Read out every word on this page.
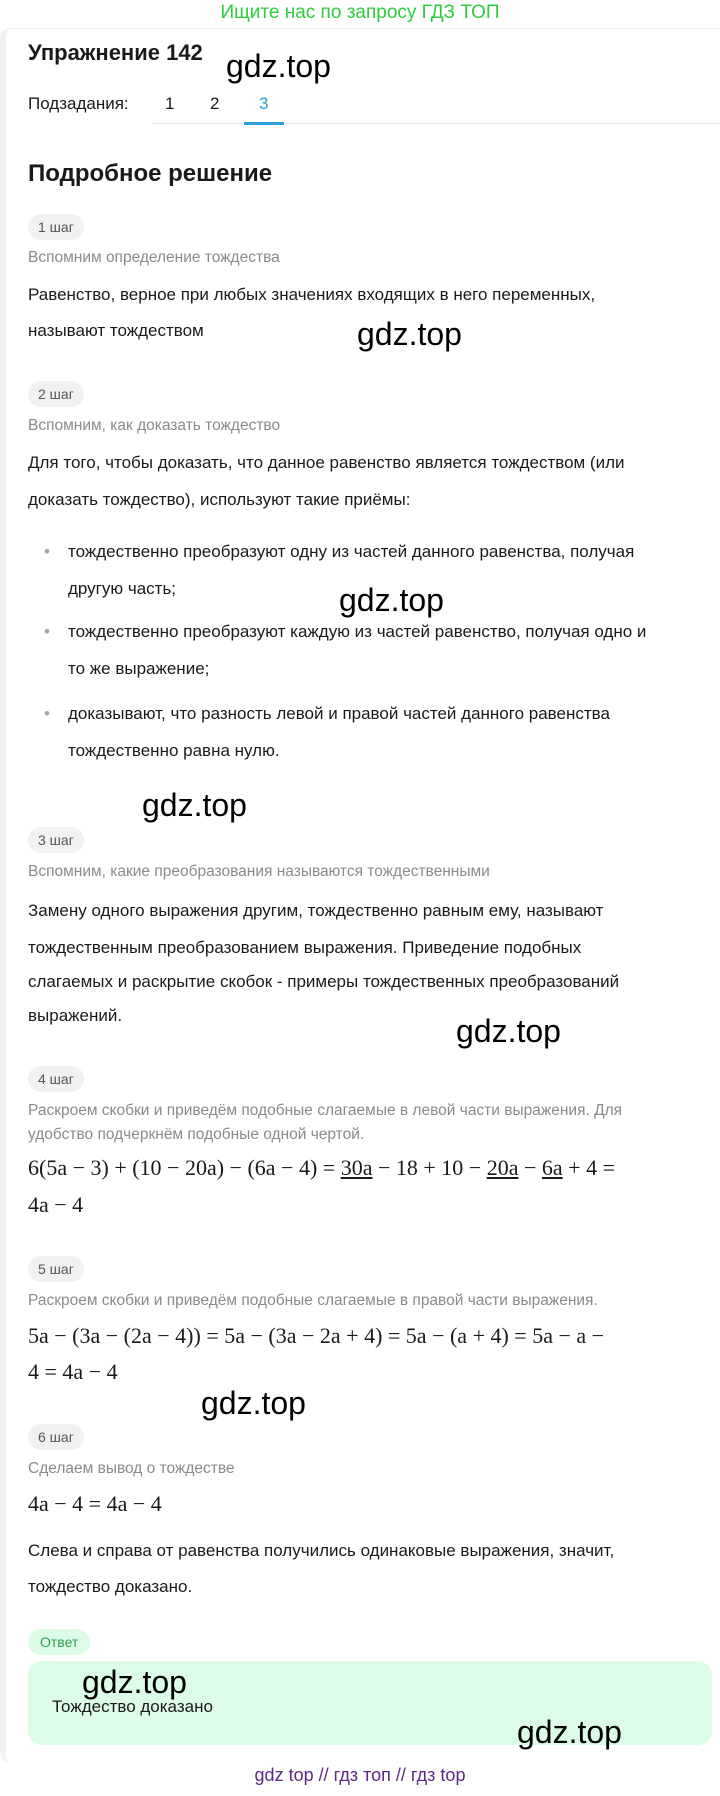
Ищите нас по запросу ГДЗ ТОП
Упражнение 142
Подзадания: 1 2 3
Подробное решение
1 шаг
Вспомним определение тождества
Равенство, верное при любых значениях входящих в него переменных,
называют тождеством
2 шаг
Вспомним, как доказать тождество
Для того, чтобы доказать, что данное равенство является тождеством (или
доказать тождество), используют такие приёмы:
• тождественно преобразуют одну из частей данного равенства, получая
другую часть;
• тождественно преобразуют каждую из частей равенство, получая одно и
то же выражение;
• доказывают, что разность левой и правой частей данного равенства
тождественно равна нулю.
3 шаг
Вспомним, какие преобразования называются тождественными
Замену одного выражения другим, тождественно равным ему, называют
тождественным преобразованием выражения. Приведение подобных
слагаемых и раскрытие скобок - примеры тождественных преобразований
выражений.
4 шаг
Раскроем скобки и приведём подобные слагаемые в левой части выражения. Для
удобство подчеркнём подобные одной чертой.
6(5a − 3) + (10 − 20a) − (6a − 4) = 30a − 18 + 10 − 20a − 6a + 4 =
4a − 4
5 шаг
Раскроем скобки и приведём подобные слагаемые в правой части выражения.
5a − (3a − (2a − 4)) = 5a − (3a − 2a + 4) = 5a − (a + 4) = 5a − a −
4 = 4a − 4
6 шаг
Сделаем вывод о тождестве
4a − 4 = 4a − 4
Слева и справа от равенства получились одинаковые выражения, значит,
тождество доказано.
Ответ
Тождество доказано
gdz.top
gdz.top
gdz.top
gdz.top
gdz.top
gdz.top
gdz.top
gdz.top
gdz top // гдз топ // гдз top
